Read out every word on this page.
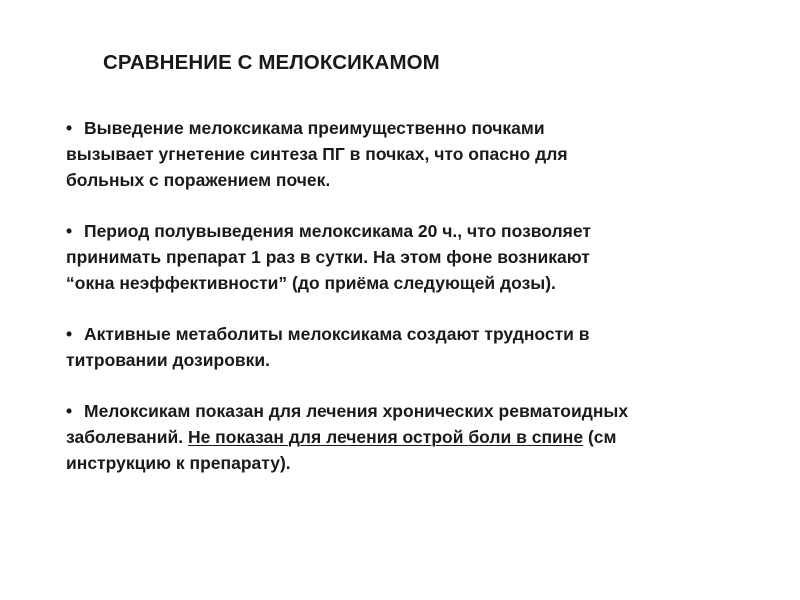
СРАВНЕНИЕ С МЕЛОКСИКАМОМ
• Выведение мелоксикама преимущественно почками
вызывает угнетение синтеза ПГ в почках, что опасно для
больных с поражением почек.
• Период полувыведения мелоксикама 20 ч., что позволяет
принимать препарат 1 раз в сутки. На этом фоне возникают
“окна неэффективности” (до приёма следующей дозы).
• Активные метаболиты мелоксикама создают трудности в
титровании дозировки.
• Мелоксикам показан для лечения хронических ревматоидных
заболеваний. Не показан для лечения острой боли в спине (см
инструкцию к препарату).
